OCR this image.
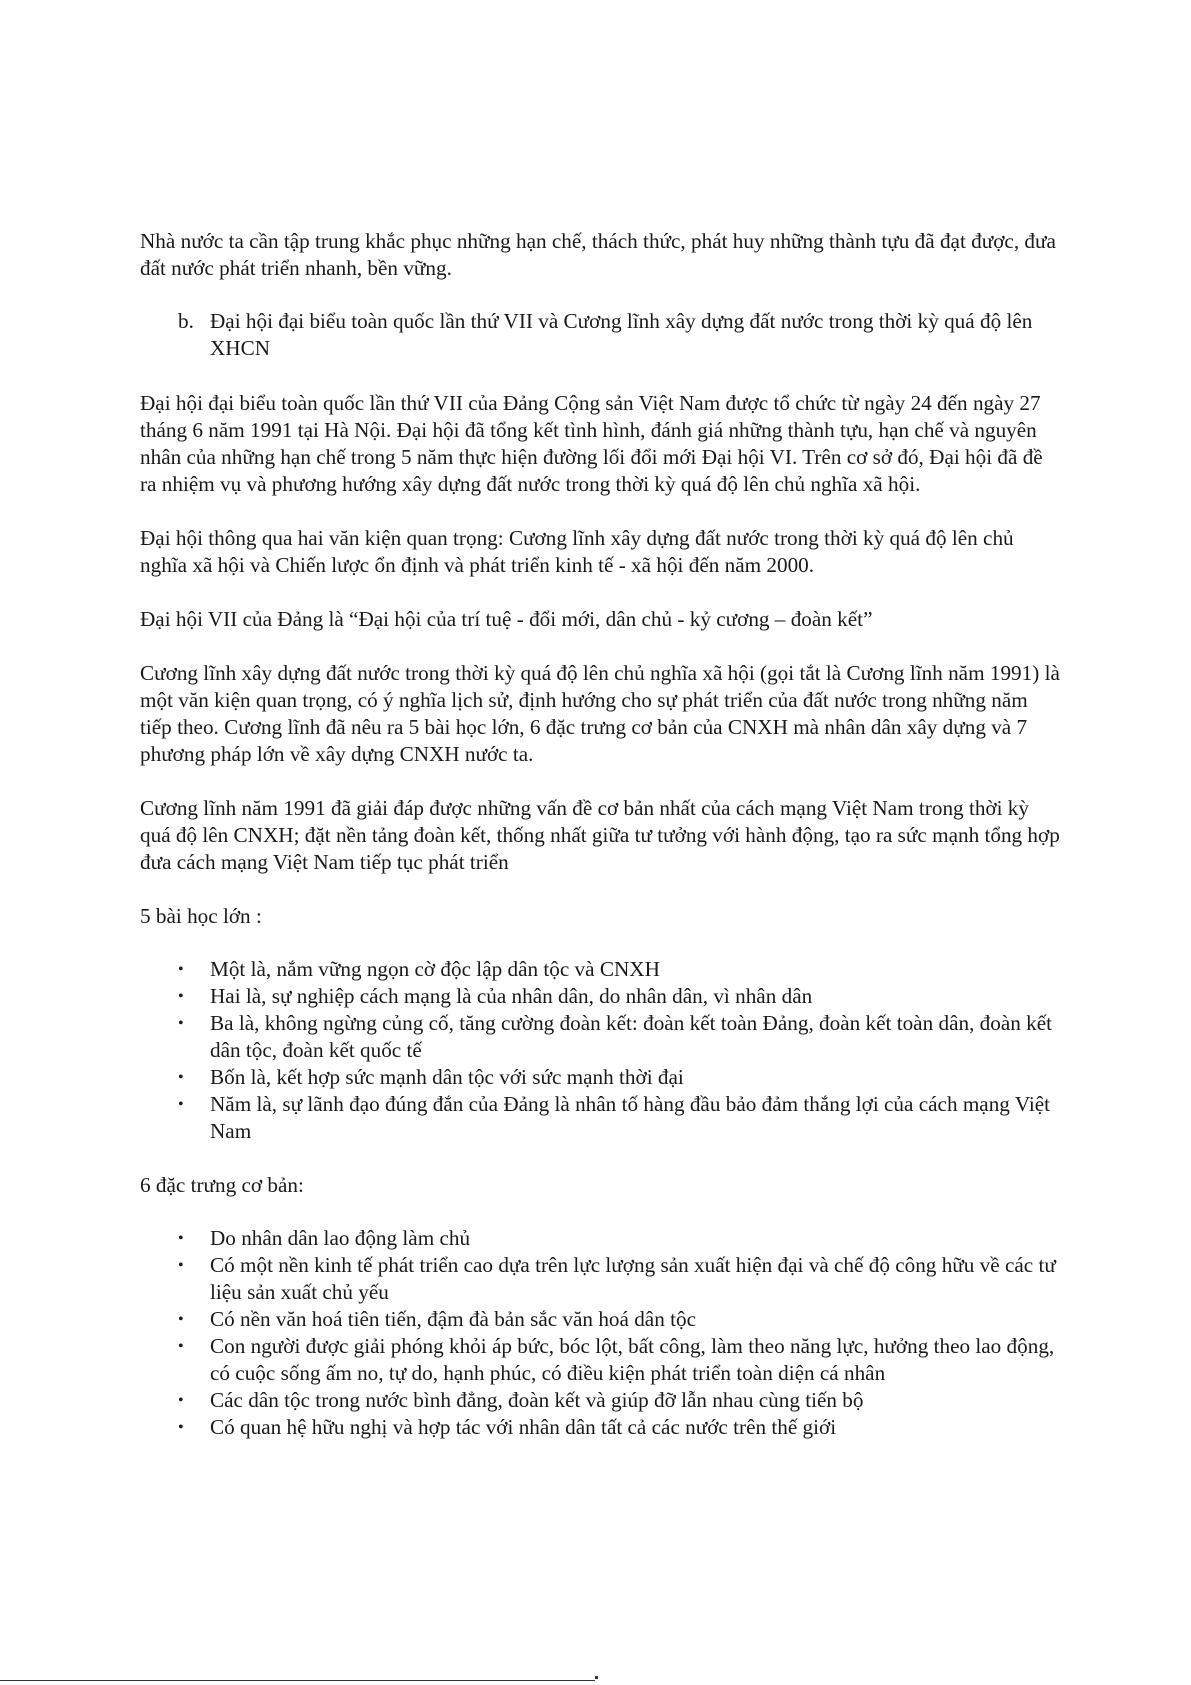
Nhà nước ta cần tập trung khắc phục những hạn chế, thách thức, phát huy những thành tựu đã đạt được, đưa đất nước phát triển nhanh, bền vững.

b. Đại hội đại biểu toàn quốc lần thứ VII và Cương lĩnh xây dựng đất nước trong thời kỳ quá độ lên XHCN

Đại hội đại biểu toàn quốc lần thứ VII của Đảng Cộng sản Việt Nam được tổ chức từ ngày 24 đến ngày 27 tháng 6 năm 1991 tại Hà Nội. Đại hội đã tổng kết tình hình, đánh giá những thành tựu, hạn chế và nguyên nhân của những hạn chế trong 5 năm thực hiện đường lối đổi mới Đại hội VI. Trên cơ sở đó, Đại hội đã đề ra nhiệm vụ và phương hướng xây dựng đất nước trong thời kỳ quá độ lên chủ nghĩa xã hội.

Đại hội thông qua hai văn kiện quan trọng: Cương lĩnh xây dựng đất nước trong thời kỳ quá độ lên chủ nghĩa xã hội và Chiến lược ổn định và phát triển kinh tế - xã hội đến năm 2000.

Đại hội VII của Đảng là “Đại hội của trí tuệ - đổi mới, dân chủ - kỷ cương – đoàn kết”

Cương lĩnh xây dựng đất nước trong thời kỳ quá độ lên chủ nghĩa xã hội (gọi tắt là Cương lĩnh năm 1991) là một văn kiện quan trọng, có ý nghĩa lịch sử, định hướng cho sự phát triển của đất nước trong những năm tiếp theo. Cương lĩnh đã nêu ra 5 bài học lớn, 6 đặc trưng cơ bản của CNXH mà nhân dân xây dựng và 7 phương pháp lớn về xây dựng CNXH nước ta.

Cương lĩnh năm 1991 đã giải đáp được những vấn đề cơ bản nhất của cách mạng Việt Nam trong thời kỳ quá độ lên CNXH; đặt nền tảng đoàn kết, thống nhất giữa tư tưởng với hành động, tạo ra sức mạnh tổng hợp đưa cách mạng Việt Nam tiếp tục phát triển

5 bài học lớn :

•	Một là, nắm vững ngọn cờ độc lập dân tộc và CNXH
•	Hai là, sự nghiệp cách mạng là của nhân dân, do nhân dân, vì nhân dân
•	Ba là, không ngừng củng cố, tăng cường đoàn kết: đoàn kết toàn Đảng, đoàn kết toàn dân, đoàn kết dân tộc, đoàn kết quốc tế
•	Bốn là, kết hợp sức mạnh dân tộc với sức mạnh thời đại
•	Năm là, sự lãnh đạo đúng đắn của Đảng là nhân tố hàng đầu bảo đảm thắng lợi của cách mạng Việt Nam

6 đặc trưng cơ bản:

•	Do nhân dân lao động làm chủ
•	Có một nền kinh tế phát triển cao dựa trên lực lượng sản xuất hiện đại và chế độ công hữu về các tư liệu sản xuất chủ yếu
•	Có nền văn hoá tiên tiến, đậm đà bản sắc văn hoá dân tộc
•	Con người được giải phóng khỏi áp bức, bóc lột, bất công, làm theo năng lực, hưởng theo lao động, có cuộc sống ấm no, tự do, hạnh phúc, có điều kiện phát triển toàn diện cá nhân
•	Các dân tộc trong nước bình đẳng, đoàn kết và giúp đỡ lẫn nhau cùng tiến bộ
•	Có quan hệ hữu nghị và hợp tác với nhân dân tất cả các nước trên thế giới
